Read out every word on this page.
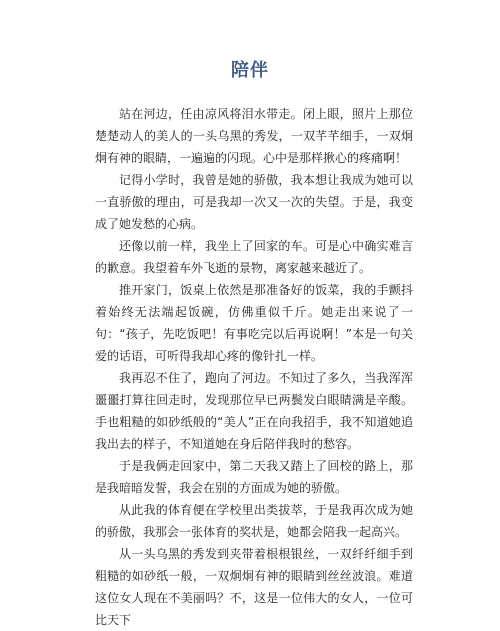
陪伴

站在河边，任由凉风将泪水带走。闭上眼，照片上那位楚楚动人的美人的一头乌黑的秀发，一双芊芊细手，一双炯炯有神的眼睛，一遍遍的闪现。心中是那样揪心的疼痛啊！

记得小学时，我曾是她的骄傲，我本想让我成为她可以一直骄傲的理由，可是我却一次又一次的失望。于是，我变成了她发愁的心病。

还像以前一样，我坐上了回家的车。可是心中确实难言的歉意。我望着车外飞逝的景物，离家越来越近了。

推开家门，饭桌上依然是那准备好的饭菜，我的手颤抖着始终无法端起饭碗，仿佛重似千斤。她走出来说了一句：“孩子，先吃饭吧！有事吃完以后再说啊！”本是一句关爱的话语，可听得我却心疼的像针扎一样。

我再忍不住了，跑向了河边。不知过了多久，当我浑浑噩噩打算往回走时，发现那位早已两鬓发白眼睛满是辛酸。手也粗糙的如砂纸般的“美人”正在向我招手，我不知道她追我出去的样子，不知道她在身后陪伴我时的愁容。

于是我俩走回家中，第二天我又踏上了回校的路上，那是我暗暗发誓，我会在别的方面成为她的骄傲。

从此我的体育便在学校里出类拔萃，于是我再次成为她的骄傲，我那会一张体育的奖状是，她都会陪我一起高兴。

从一头乌黑的秀发到夹带着根根银丝，一双纤纤细手到粗糙的如砂纸一般，一双炯炯有神的眼睛到丝丝波浪。难道这位女人现在不美丽吗？不，这是一位伟大的女人，一位可比天下
